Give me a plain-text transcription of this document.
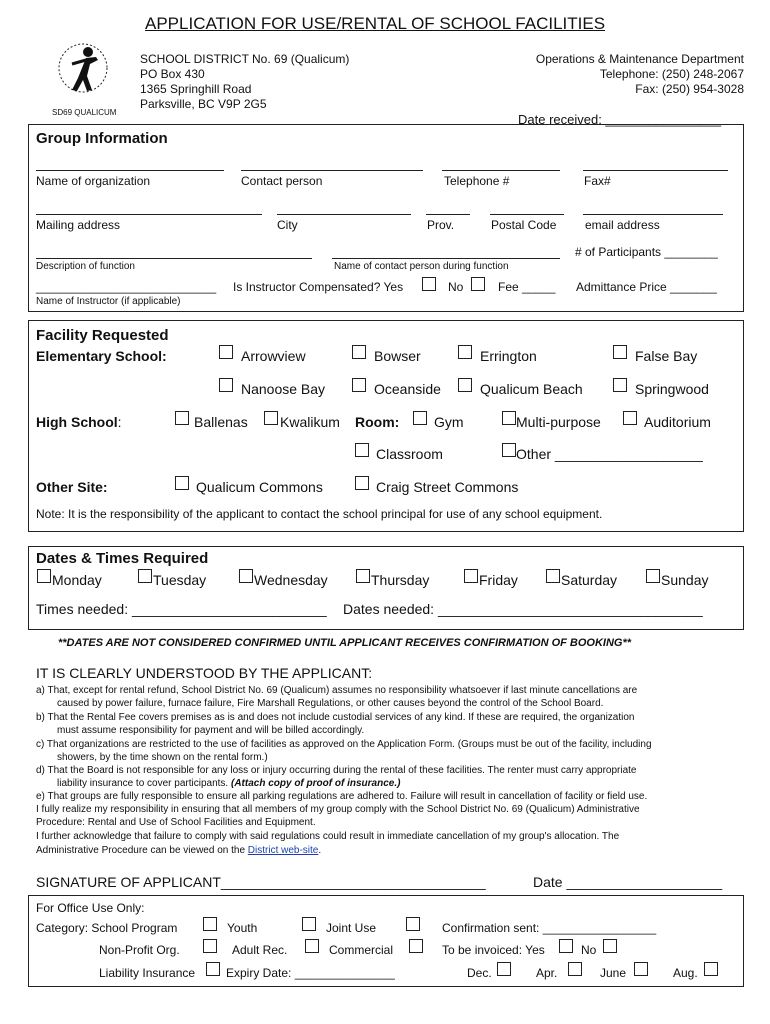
APPLICATION FOR USE/RENTAL OF SCHOOL FACILITIES
SD69 QUALICUM
SCHOOL DISTRICT No. 69 (Qualicum)
PO Box 430
1365 Springhill Road
Parksville, BC V9P 2G5
Operations & Maintenance Department
Telephone: (250) 248-2067
Fax: (250) 954-3028
Date received: ________________
Group Information
Name of organization	Contact person	Telephone #	Fax#
Mailing address	City	Prov.	Postal Code email address
# of Participants ________
Description of function	Name of contact person during function
___________________________ Is Instructor Compensated? Yes	No	Fee _____ Admittance Price _______
Name of Instructor (if applicable)
Facility Requested
Elementary School:	Arrowview	Bowser	Errington	False Bay
Nanoose Bay	Oceanside	Qualicum Beach	Springwood
High School:	Ballenas Kwalikum Room: Gym	Multi-purpose	Auditorium
Classroom	Other ___________________
Other Site:	Qualicum Commons	Craig Street Commons
Note: It is the responsibility of the applicant to contact the school principal for use of any school equipment.
Dates & Times Required
Monday	Tuesday	Wednesday	Thursday	Friday	Saturday	Sunday
Times needed: _________________________ Dates needed: __________________________________
**DATES ARE NOT CONSIDERED CONFIRMED UNTIL APPLICANT RECEIVES CONFIRMATION OF BOOKING**
IT IS CLEARLY UNDERSTOOD BY THE APPLICANT:
a) That, except for rental refund, School District No. 69 (Qualicum) assumes no responsibility whatsoever if last minute cancellations are
caused by power failure, furnace failure, Fire Marshall Regulations, or other causes beyond the control of the School Board.
b) That the Rental Fee covers premises as is and does not include custodial services of any kind. If these are required, the organization
must assume responsibility for payment and will be billed accordingly.
c) That organizations are restricted to the use of facilities as approved on the Application Form. (Groups must be out of the facility, including
showers, by the time shown on the rental form.)
d) That the Board is not responsible for any loss or injury occurring during the rental of these facilities. The renter must carry appropriate
liability insurance to cover participants. (Attach copy of proof of insurance.)
e) That groups are fully responsible to ensure all parking regulations are adhered to. Failure will result in cancellation of facility or field use.
I fully realize my responsibility in ensuring that all members of my group comply with the School District No. 69 (Qualicum) Administrative
Procedure: Rental and Use of School Facilities and Equipment.
I further acknowledge that failure to comply with said regulations could result in immediate cancellation of my group's allocation. The
Administrative Procedure can be viewed on the District web-site.
SIGNATURE OF APPLICANT__________________________________	Date ____________________
For Office Use Only:
Category: School Program	Youth	Joint Use	Confirmation sent: _________________
Non-Profit Org.	Adult Rec.	Commercial	To be invoiced: Yes	No
Liability Insurance	Expiry Date: _______________	Dec.	Apr.	June	Aug.
